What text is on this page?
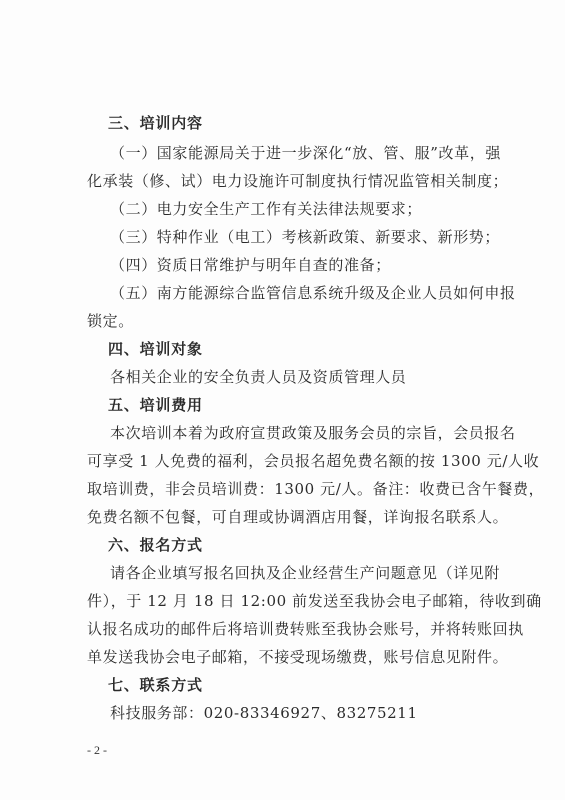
三、培训内容
（一）国家能源局关于进一步深化“放、管、服”改革，强
化承装（修、试）电力设施许可制度执行情况监管相关制度；
（二）电力安全生产工作有关法律法规要求；
（三）特种作业（电工）考核新政策、新要求、新形势；
（四）资质日常维护与明年自查的准备；
（五）南方能源综合监管信息系统升级及企业人员如何申报
锁定。
四、培训对象
各相关企业的安全负责人员及资质管理人员
五、培训费用
本次培训本着为政府宣贯政策及服务会员的宗旨，会员报名
可享受 1 人免费的福利，会员报名超免费名额的按 1300 元/人收
取培训费，非会员培训费：1300 元/人。备注：收费已含午餐费，
免费名额不包餐，可自理或协调酒店用餐，详询报名联系人。
六、报名方式
请各企业填写报名回执及企业经营生产问题意见（详见附
件），于 12 月 18 日 12:00 前发送至我协会电子邮箱，待收到确
认报名成功的邮件后将培训费转账至我协会账号，并将转账回执
单发送我协会电子邮箱，不接受现场缴费，账号信息见附件。
七、联系方式
科技服务部：020-83346927、83275211
- 2 -
